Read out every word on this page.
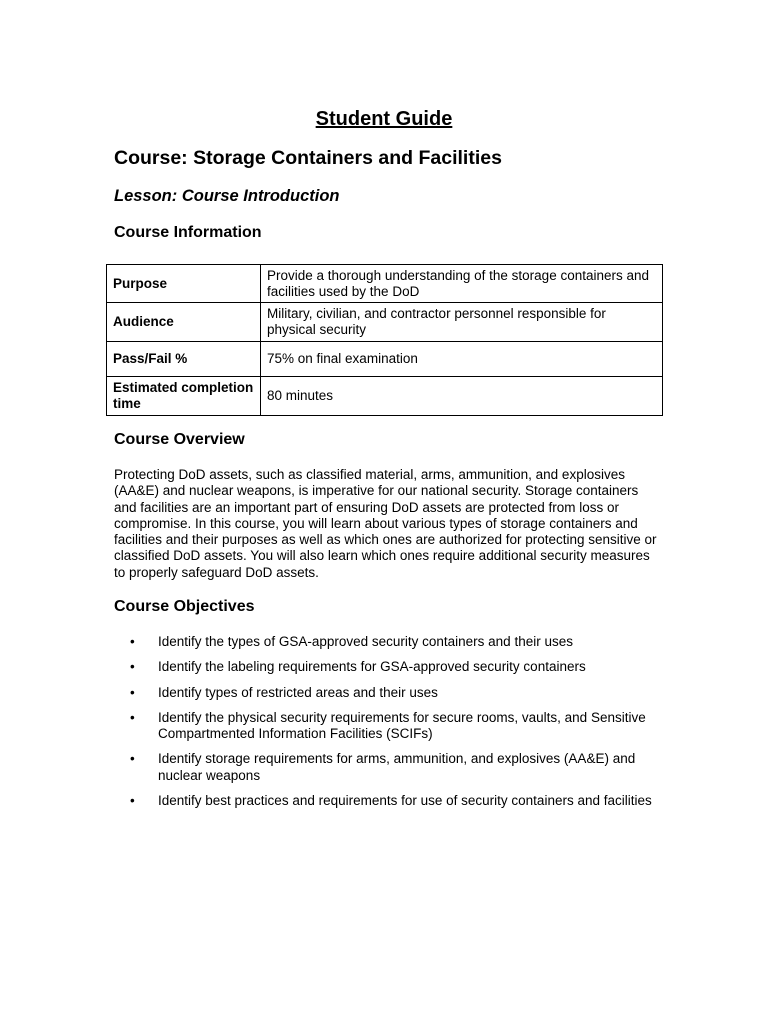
Student Guide
Course: Storage Containers and Facilities
Lesson: Course Introduction
Course Information
Purpose	Provide a thorough understanding of the storage containers and facilities used by the DoD
Audience	Military, civilian, and contractor personnel responsible for physical security
Pass/Fail %	75% on final examination
Estimated completion time	80 minutes
Course Overview

Protecting DoD assets, such as classified material, arms, ammunition, and explosives (AA&E) and nuclear weapons, is imperative for our national security. Storage containers and facilities are an important part of ensuring DoD assets are protected from loss or compromise. In this course, you will learn about various types of storage containers and facilities and their purposes as well as which ones are authorized for protecting sensitive or classified DoD assets. You will also learn which ones require additional security measures to properly safeguard DoD assets.

Course Objectives
• Identify the types of GSA-approved security containers and their uses
• Identify the labeling requirements for GSA-approved security containers
• Identify types of restricted areas and their uses
• Identify the physical security requirements for secure rooms, vaults, and Sensitive Compartmented Information Facilities (SCIFs)
• Identify storage requirements for arms, ammunition, and explosives (AA&E) and nuclear weapons
• Identify best practices and requirements for use of security containers and facilities
